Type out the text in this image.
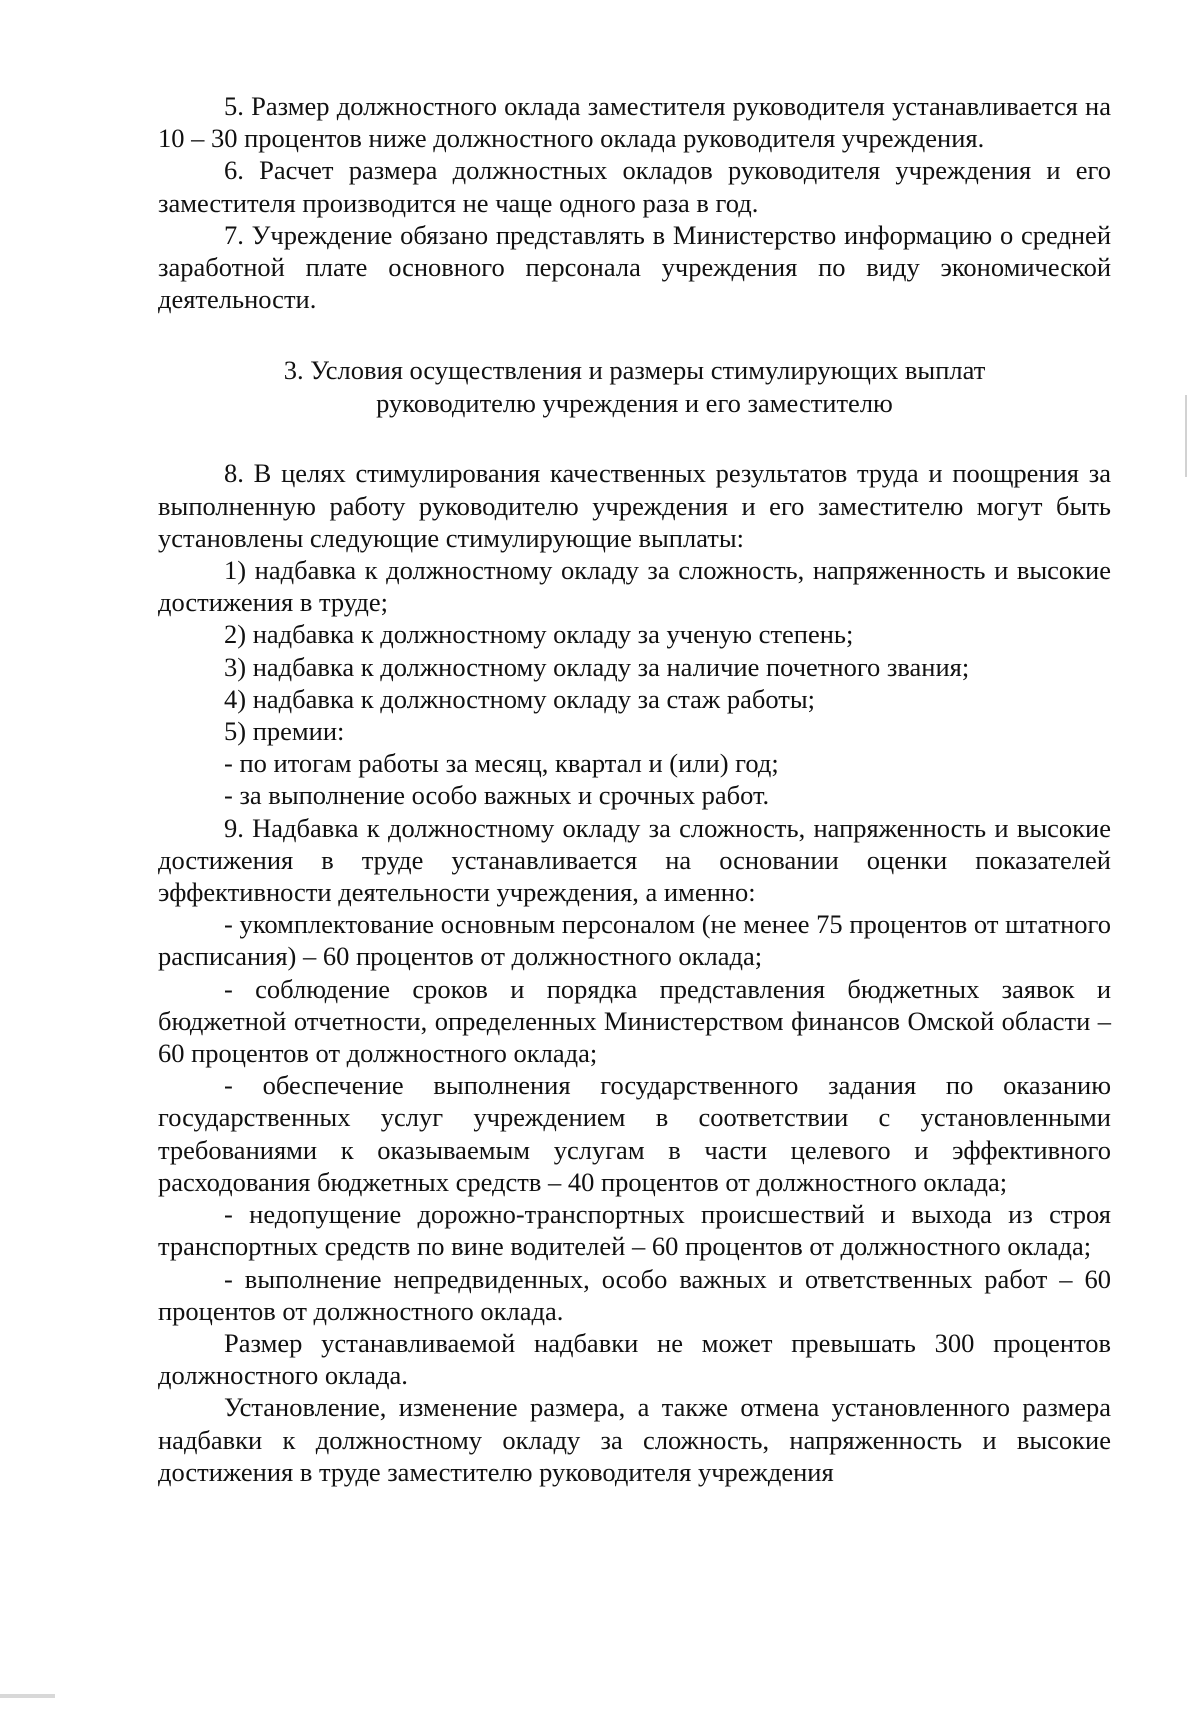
5. Размер должностного оклада заместителя руководителя устанавливается на 10 – 30 процентов ниже должностного оклада руководителя учреждения.

6. Расчет размера должностных окладов руководителя учреждения и его заместителя производится не чаще одного раза в год.

7. Учреждение обязано представлять в Министерство информацию о средней заработной плате основного персонала учреждения по виду экономической деятельности.

3. Условия осуществления и размеры стимулирующих выплат
руководителю учреждения и его заместителю

8. В целях стимулирования качественных результатов труда и поощрения за выполненную работу руководителю учреждения и его заместителю могут быть установлены следующие стимулирующие выплаты:

1) надбавка к должностному окладу за сложность, напряженность и высокие достижения в труде;

2) надбавка к должностному окладу за ученую степень;

3) надбавка к должностному окладу за наличие почетного звания;

4) надбавка к должностному окладу за стаж работы;

5) премии:

- по итогам работы за месяц, квартал и (или) год;

- за выполнение особо важных и срочных работ.

9. Надбавка к должностному окладу за сложность, напряженность и высокие достижения в труде устанавливается на основании оценки показателей эффективности деятельности учреждения, а именно:

- укомплектование основным персоналом (не менее 75 процентов от штатного расписания) – 60 процентов от должностного оклада;

- соблюдение сроков и порядка представления бюджетных заявок и бюджетной отчетности, определенных Министерством финансов Омской области – 60 процентов от должностного оклада;

- обеспечение выполнения государственного задания по оказанию государственных услуг учреждением в соответствии с установленными требованиями к оказываемым услугам в части целевого и эффективного расходования бюджетных средств – 40 процентов от должностного оклада;

- недопущение дорожно-транспортных происшествий и выхода из строя транспортных средств по вине водителей – 60 процентов от должностного оклада;

- выполнение непредвиденных, особо важных и ответственных работ – 60 процентов от должностного оклада.

Размер устанавливаемой надбавки не может превышать 300 процентов должностного оклада.

Установление, изменение размера, а также отмена установленного размера надбавки к должностному окладу за сложность, напряженность и высокие достижения в труде заместителю руководителя учреждения
